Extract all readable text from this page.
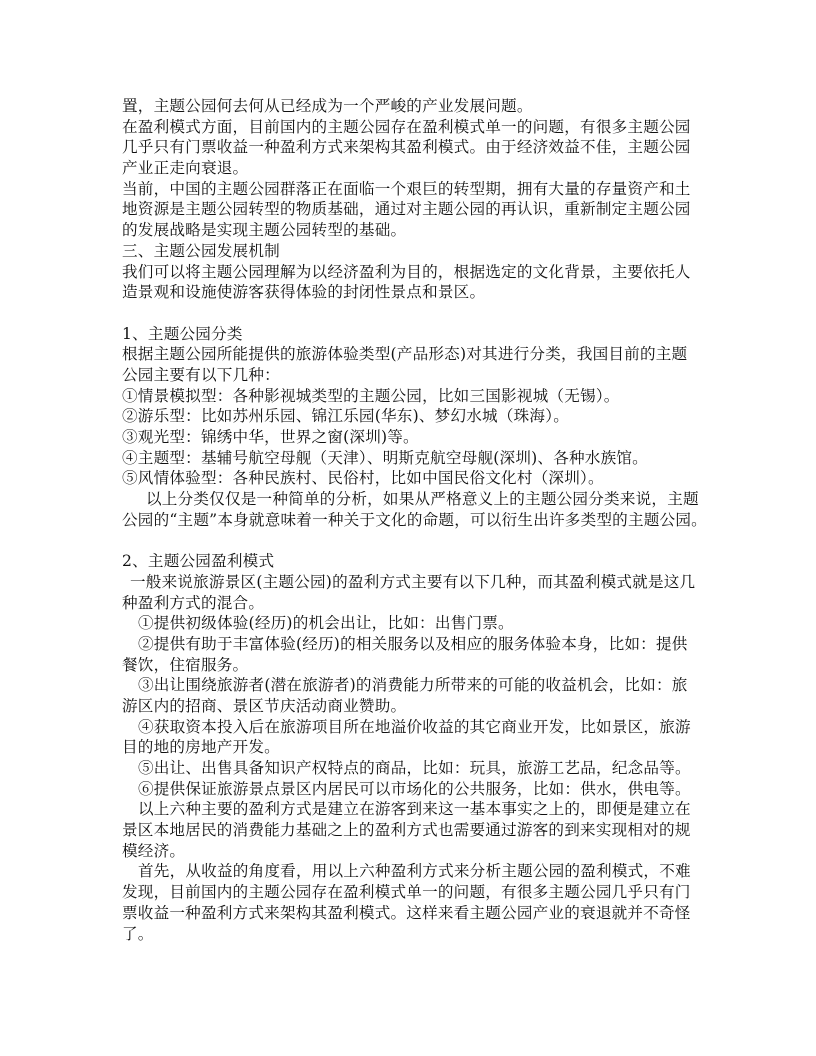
置，主题公园何去何从已经成为一个严峻的产业发展问题。
在盈利模式方面，目前国内的主题公园存在盈利模式单一的问题，有很多主题公园
几乎只有门票收益一种盈利方式来架构其盈利模式。由于经济效益不佳，主题公园
产业正走向衰退。
当前，中国的主题公园群落正在面临一个艰巨的转型期，拥有大量的存量资产和土
地资源是主题公园转型的物质基础，通过对主题公园的再认识，重新制定主题公园
的发展战略是实现主题公园转型的基础。
三、主题公园发展机制
我们可以将主题公园理解为以经济盈利为目的，根据选定的文化背景，主要依托人
造景观和设施使游客获得体验的封闭性景点和景区。
1、主题公园分类
根据主题公园所能提供的旅游体验类型(产品形态)对其进行分类，我国目前的主题
公园主要有以下几种：
①情景模拟型：各种影视城类型的主题公园，比如三国影视城（无锡）。
②游乐型：比如苏州乐园、锦江乐园(华东)、梦幻水城（珠海）。
③观光型：锦绣中华，世界之窗(深圳)等。
④主题型：基辅号航空母舰（天津）、明斯克航空母舰(深圳)、各种水族馆。
⑤风情体验型：各种民族村、民俗村，比如中国民俗文化村（深圳）。
以上分类仅仅是一种简单的分析，如果从严格意义上的主题公园分类来说，主题
公园的“主题”本身就意味着一种关于文化的命题，可以衍生出许多类型的主题公园。
2、主题公园盈利模式
一般来说旅游景区(主题公园)的盈利方式主要有以下几种，而其盈利模式就是这几
种盈利方式的混合。
①提供初级体验(经历)的机会出让，比如：出售门票。
②提供有助于丰富体验(经历)的相关服务以及相应的服务体验本身，比如：提供
餐饮，住宿服务。
③出让围绕旅游者(潜在旅游者)的消费能力所带来的可能的收益机会，比如：旅
游区内的招商、景区节庆活动商业赞助。
④获取资本投入后在旅游项目所在地溢价收益的其它商业开发，比如景区，旅游
目的地的房地产开发。
⑤出让、出售具备知识产权特点的商品，比如：玩具，旅游工艺品，纪念品等。
⑥提供保证旅游景点景区内居民可以市场化的公共服务，比如：供水，供电等。
以上六种主要的盈利方式是建立在游客到来这一基本事实之上的，即便是建立在
景区本地居民的消费能力基础之上的盈利方式也需要通过游客的到来实现相对的规
模经济。
首先，从收益的角度看，用以上六种盈利方式来分析主题公园的盈利模式，不难
发现，目前国内的主题公园存在盈利模式单一的问题，有很多主题公园几乎只有门
票收益一种盈利方式来架构其盈利模式。这样来看主题公园产业的衰退就并不奇怪
了。
